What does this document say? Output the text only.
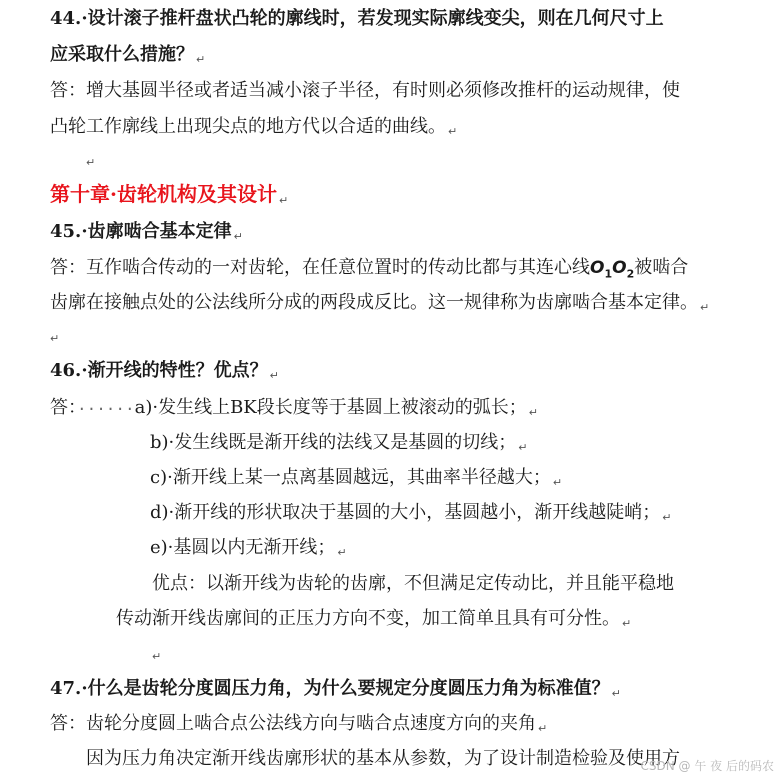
44.·设计滚子推杆盘状凸轮的廓线时，若发现实际廓线变尖，则在几何尺寸上
应采取什么措施？ ↵
答：增大基圆半径或者适当减小滚子半径，有时则必须修改推杆的运动规律，使
凸轮工作廓线上出现尖点的地方代以合适的曲线。 ↵
↵
第十章·齿轮机构及其设计 ↵
45.·齿廓啮合基本定律 ↵
答：互作啮合传动的一对齿轮，在任意位置时的传动比都与其连心线$O_1O_2$被啮合
齿廓在接触点处的公法线所分成的两段成反比。这一规律称为齿廓啮合基本定律。 ↵
↵
46.·渐开线的特性？优点？ ↵
答：······a)·发生线上BK段长度等于基圆上被滚动的弧长； ↵
b)·发生线既是渐开线的法线又是基圆的切线； ↵
c)·渐开线上某一点离基圆越远，其曲率半径越大； ↵
d)·渐开线的形状取决于基圆的大小，基圆越小，渐开线越陡峭； ↵
e)·基圆以内无渐开线； ↵
优点：以渐开线为齿轮的齿廓，不但满足定传动比，并且能平稳地
传动渐开线齿廓间的正压力方向不变，加工简单且具有可分性。 ↵
↵
47.·什么是齿轮分度圆压力角，为什么要规定分度圆压力角为标准值？ ↵
答：齿轮分度圆上啮合点公法线方向与啮合点速度方向的夹角 ↵
因为压力角决定渐开线齿廓形状的基本从参数，为了设计制造检验及使用方
CSDN @ 午 夜 后的码农
